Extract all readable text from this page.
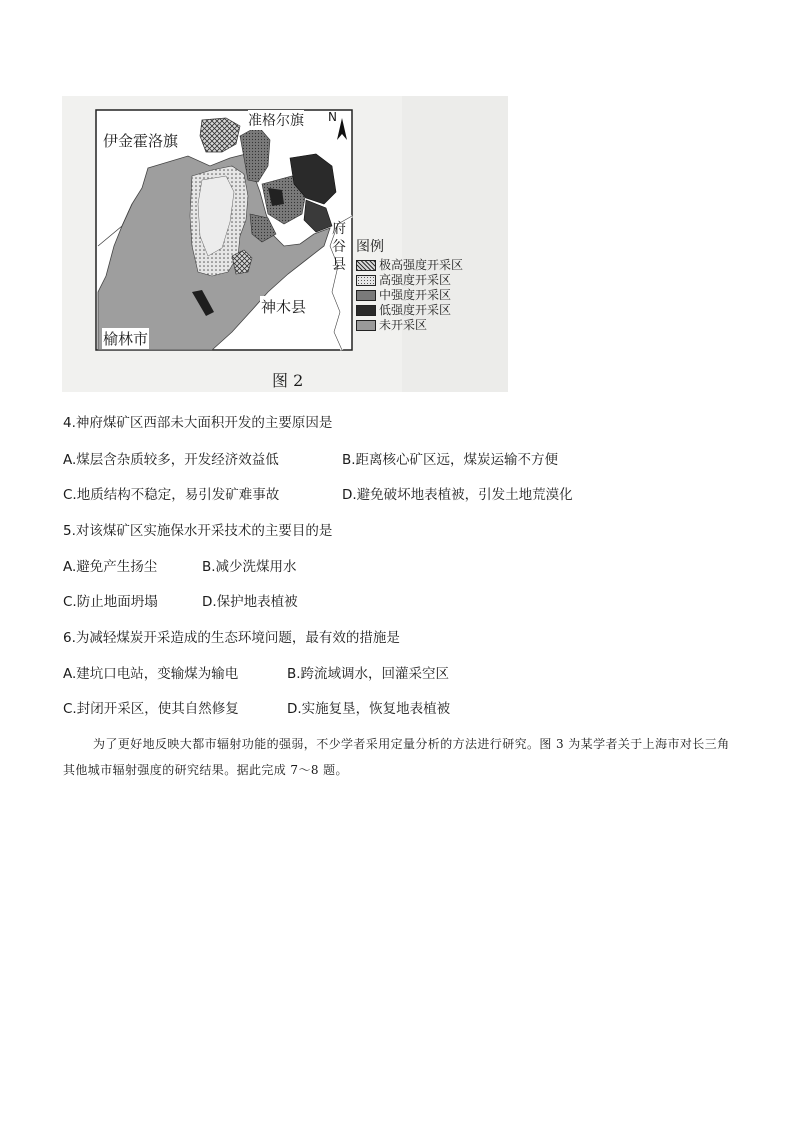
伊金霍洛旗
准格尔旗 N
府
谷
县
神木县
榆林市
图例
极高强度开采区
高强度开采区
中强度开采区
低强度开采区
未开采区
图 2
4.神府煤矿区西部未大面积开发的主要原因是
A.煤层含杂质较多，开发经济效益低	B.距离核心矿区远，煤炭运输不方便
C.地质结构不稳定，易引发矿难事故	D.避免破坏地表植被，引发土地荒漠化
5.对该煤矿区实施保水开采技术的主要目的是
A.避免产生扬尘	B.减少洗煤用水
C.防止地面坍塌	D.保护地表植被
6.为减轻煤炭开采造成的生态环境问题，最有效的措施是
A.建坑口电站，变输煤为输电	B.跨流域调水，回灌采空区
C.封闭开采区，使其自然修复	D.实施复垦，恢复地表植被
为了更好地反映大都市辐射功能的强弱，不少学者采用定量分析的方法进行研究。图 3 为某学者关于上海市对长三角其他城市辐射强度的研究结果。据此完成 7～8 题。
